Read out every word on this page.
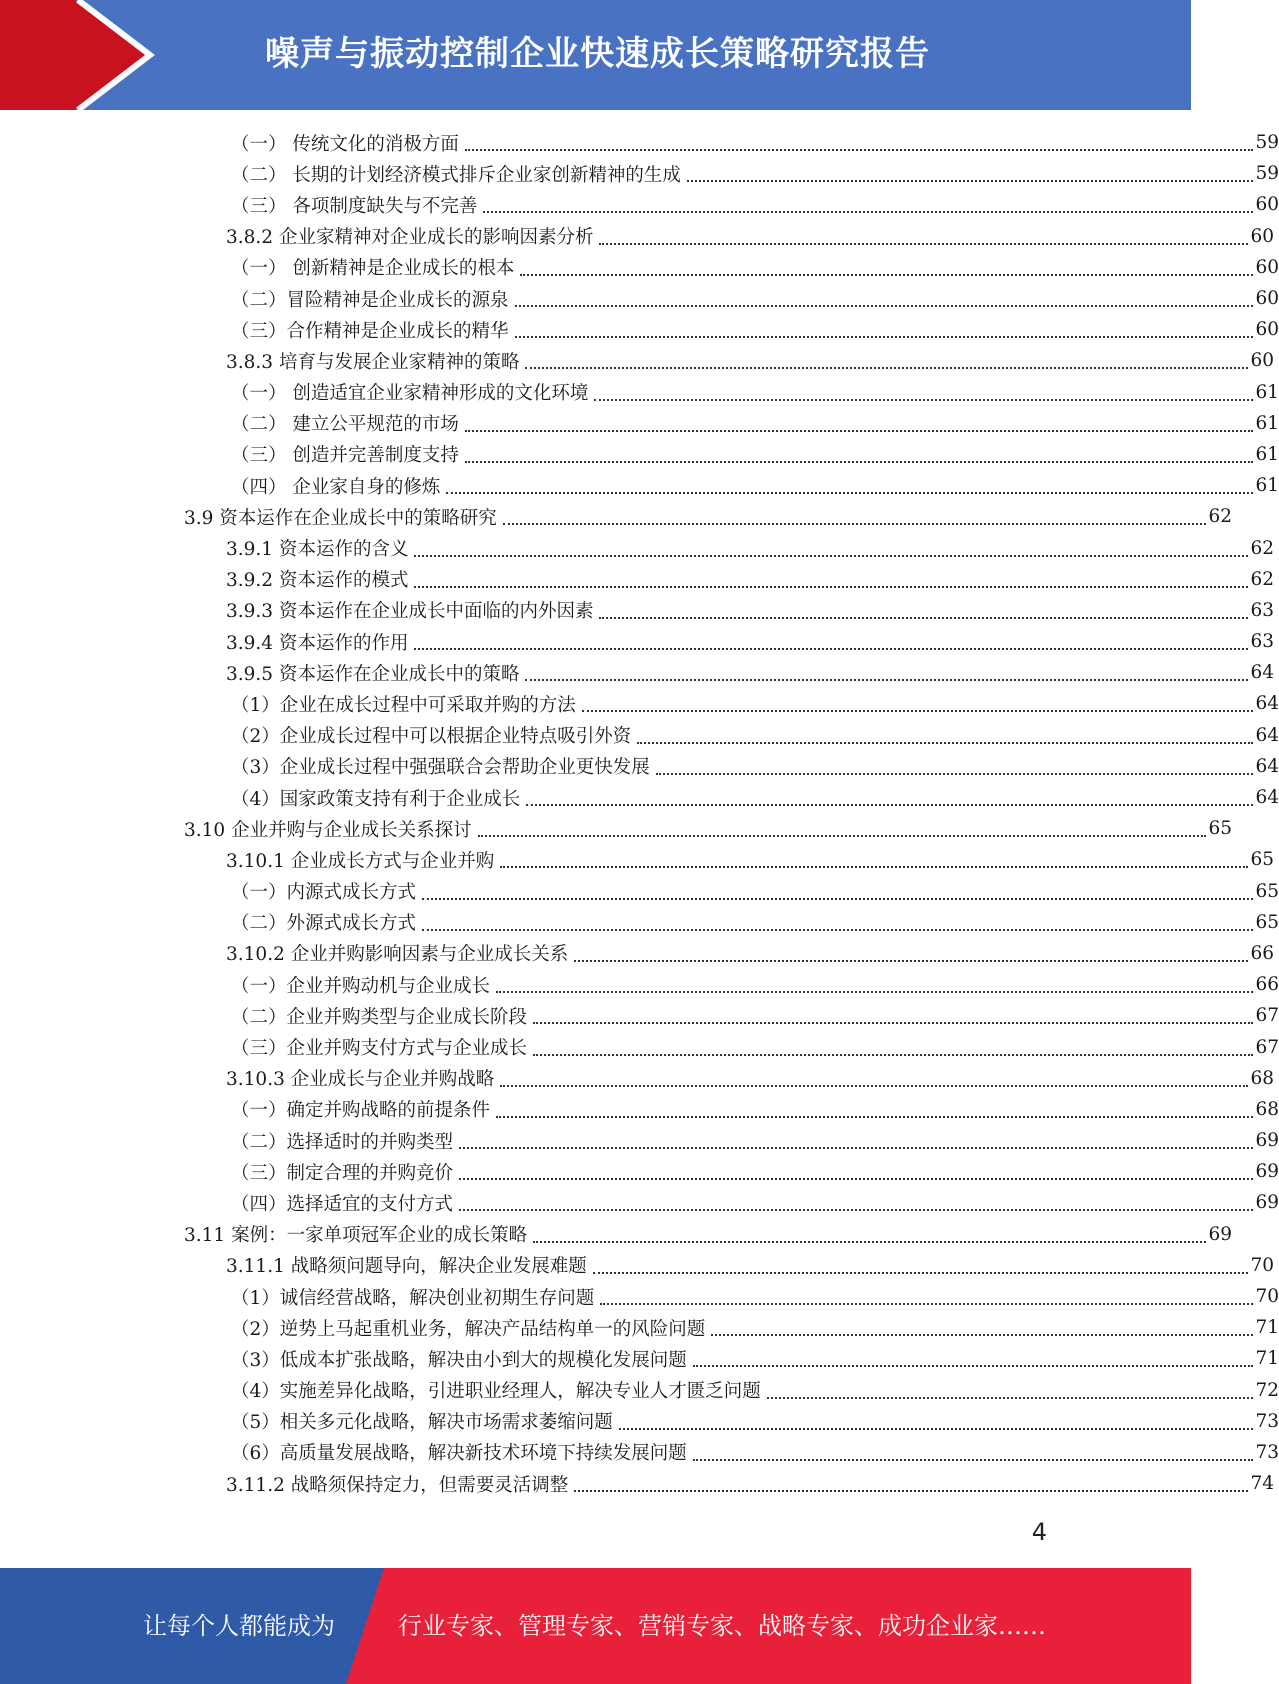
噪声与振动控制企业快速成长策略研究报告
（一） 传统文化的消极方面	59
（二） 长期的计划经济模式排斥企业家创新精神的生成	59
（三） 各项制度缺失与不完善	60
3.8.2 企业家精神对企业成长的影响因素分析	60
（一） 创新精神是企业成长的根本	60
（二）冒险精神是企业成长的源泉	60
（三）合作精神是企业成长的精华	60
3.8.3 培育与发展企业家精神的策略	60
（一） 创造适宜企业家精神形成的文化环境	61
（二） 建立公平规范的市场	61
（三） 创造并完善制度支持	61
（四） 企业家自身的修炼	61
3.9 资本运作在企业成长中的策略研究	62
3.9.1 资本运作的含义	62
3.9.2 资本运作的模式	62
3.9.3 资本运作在企业成长中面临的内外因素	63
3.9.4 资本运作的作用	63
3.9.5 资本运作在企业成长中的策略	64
（1）企业在成长过程中可采取并购的方法	64
（2）企业成长过程中可以根据企业特点吸引外资	64
（3）企业成长过程中强强联合会帮助企业更快发展	64
（4）国家政策支持有利于企业成长	64
3.10 企业并购与企业成长关系探讨	65
3.10.1 企业成长方式与企业并购	65
（一）内源式成长方式	65
（二）外源式成长方式	65
3.10.2 企业并购影响因素与企业成长关系	66
（一）企业并购动机与企业成长	66
（二）企业并购类型与企业成长阶段	67
（三）企业并购支付方式与企业成长	67
3.10.3 企业成长与企业并购战略	68
（一）确定并购战略的前提条件	68
（二）选择适时的并购类型	69
（三）制定合理的并购竞价	69
（四）选择适宜的支付方式	69
3.11 案例：一家单项冠军企业的成长策略	69
3.11.1 战略须问题导向，解决企业发展难题	70
（1）诚信经营战略，解决创业初期生存问题	70
（2）逆势上马起重机业务，解决产品结构单一的风险问题	71
（3）低成本扩张战略，解决由小到大的规模化发展问题	71
（4）实施差异化战略，引进职业经理人，解决专业人才匮乏问题	72
（5）相关多元化战略，解决市场需求萎缩问题	73
（6）高质量发展战略，解决新技术环境下持续发展问题	73
3.11.2 战略须保持定力，但需要灵活调整	74
4
让每个人都能成为	行业专家、管理专家、营销专家、战略专家、成功企业家……
